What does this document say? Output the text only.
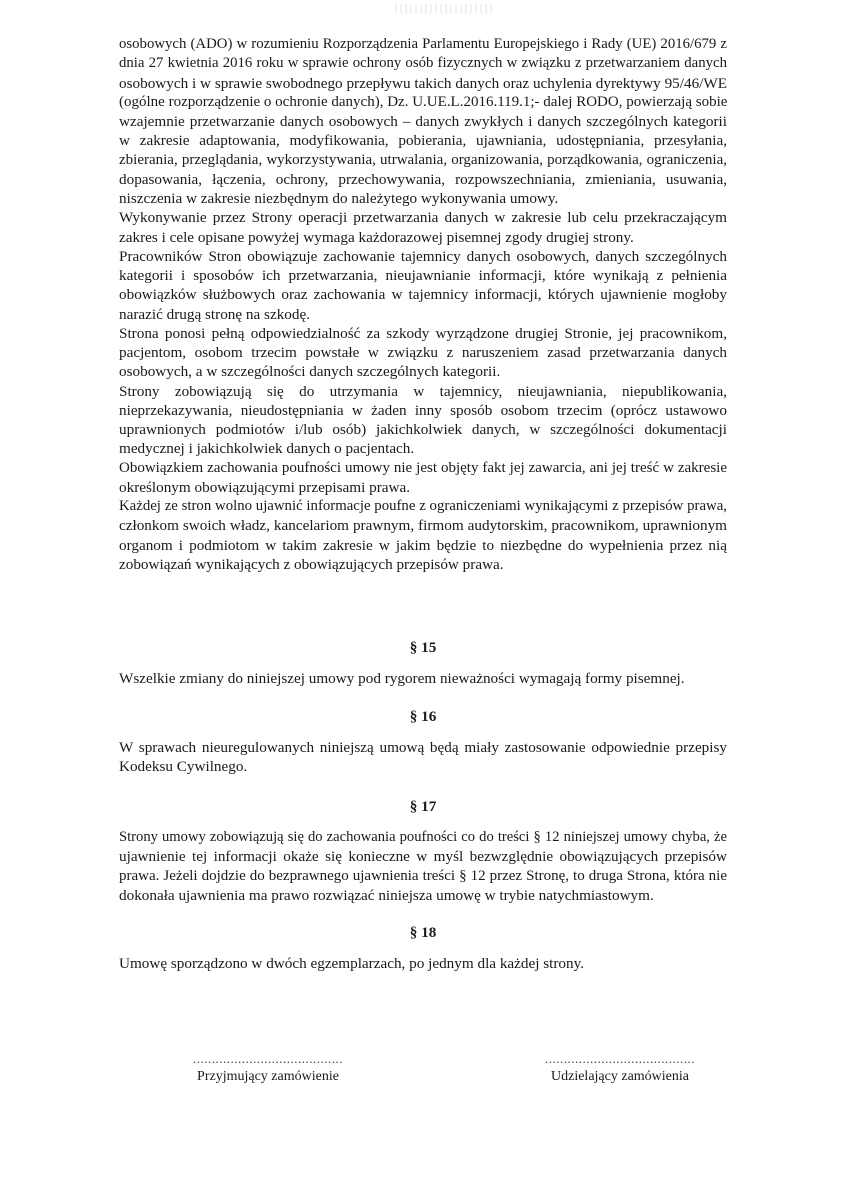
osobowych (ADO) w rozumieniu Rozporządzenia Parlamentu Europejskiego i Rady (UE) 2016/679 z
dnia 27 kwietnia 2016 roku w sprawie ochrony osób fizycznych w związku z przetwarzaniem danych
osobowych i w sprawie swobodnego przepływu takich danych oraz uchylenia dyrektywy 95/46/WE
(ogólne rozporządzenie o ochronie danych), Dz. U.UE.L.2016.119.1;- dalej RODO, powierzają sobie
wzajemnie przetwarzanie danych osobowych – danych zwykłych i danych szczególnych kategorii
w zakresie adaptowania, modyfikowania, pobierania, ujawniania, udostępniania, przesyłania,
zbierania, przeglądania, wykorzystywania, utrwalania, organizowania, porządkowania, ograniczenia,
dopasowania, łączenia, ochrony, przechowywania, rozpowszechniania, zmieniania, usuwania,
niszczenia w zakresie niezbędnym do należytego wykonywania umowy.
Wykonywanie przez Strony operacji przetwarzania danych w zakresie lub celu przekraczającym
zakres i cele opisane powyżej wymaga każdorazowej pisemnej zgody drugiej strony.
Pracowników Stron obowiązuje zachowanie tajemnicy danych osobowych, danych szczególnych
kategorii i sposobów ich przetwarzania, nieujawnianie informacji, które wynikają z pełnienia
obowiązków służbowych oraz zachowania w tajemnicy informacji, których ujawnienie mogłoby
narazić drugą stronę na szkodę.
Strona ponosi pełną odpowiedzialność za szkody wyrządzone drugiej Stronie, jej pracownikom,
pacjentom, osobom trzecim powstałe w związku z naruszeniem zasad przetwarzania danych
osobowych, a w szczególności danych szczególnych kategorii.
Strony zobowiązują się do utrzymania w tajemnicy, nieujawniania, niepublikowania,
nieprzekazywania, nieudostępniania w żaden inny sposób osobom trzecim (oprócz ustawowo
uprawnionych podmiotów i/lub osób) jakichkolwiek danych, w szczególności dokumentacji
medycznej i jakichkolwiek danych o pacjentach.
Obowiązkiem zachowania poufności umowy nie jest objęty fakt jej zawarcia, ani jej treść w zakresie
określonym obowiązującymi przepisami prawa.
Każdej ze stron wolno ujawnić informacje poufne z ograniczeniami wynikającymi z przepisów prawa,
członkom swoich władz, kancelariom prawnym, firmom audytorskim, pracownikom, uprawnionym
organom i podmiotom w takim zakresie w jakim będzie to niezbędne do wypełnienia przez nią
zobowiązań wynikających z obowiązujących przepisów prawa.
§ 15
Wszelkie zmiany do niniejszej umowy pod rygorem nieważności wymagają formy pisemnej.
§ 16
W sprawach nieuregulowanych niniejszą umową będą miały zastosowanie odpowiednie przepisy
Kodeksu Cywilnego.
§ 17
Strony umowy zobowiązują się do zachowania poufności co do treści § 12 niniejszej umowy chyba, że
ujawnienie tej informacji okaże się konieczne w myśl bezwzględnie obowiązujących przepisów
prawa. Jeżeli dojdzie do bezprawnego ujawnienia treści § 12 przez Stronę, to druga Strona, która nie
dokonała ujawnienia ma prawo rozwiązać niniejsza umowę w trybie natychmiastowym.
§ 18
Umowę sporządzono w dwóch egzemplarzach, po jednym dla każdej strony.
........................................
Przyjmujący zamówienie
........................................
Udzielający zamówienia
